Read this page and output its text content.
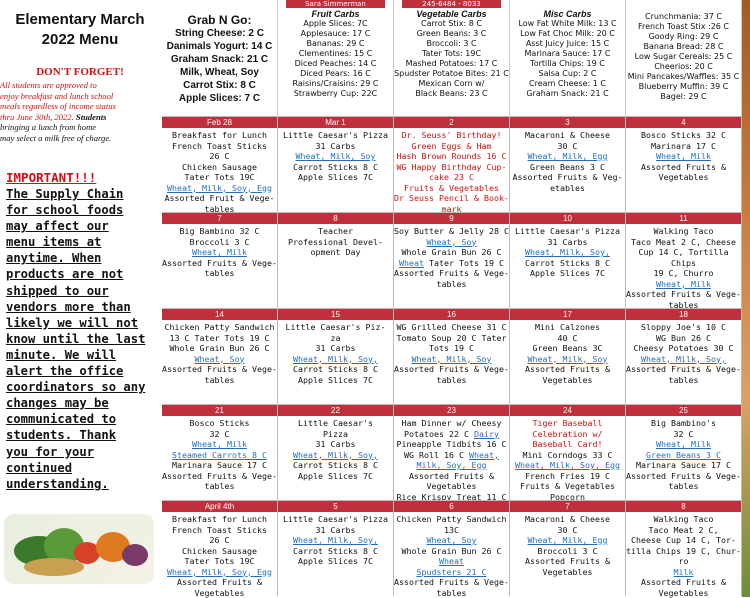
Elementary March
2022 Menu
DON'T FORGET!
All students are approved to
enjoy breakfast and lunch school
meals regardless of income status
thru June 30th, 2022. Students
bringing a lunch from home
may select a milk free of charge.
IMPORTANT!!!
The Supply Chain
for school foods
may affect our
menu items at
anytime. When
products are not
shipped to our
vendors more than
likely we will not
know until the last
minute. We will
alert the office
coordinators so any
changes may be
communicated to
students. Thank
you for your
continued
understanding.
Grab N Go:
String Cheese: 2 C
Danimals Yogurt: 14 C
Graham Snack: 21 C
Milk, Wheat, Soy
Carrot Stix: 8 C
Apple Slices: 7 C
Sara Simmerman
Fruit Carbs
Apple Slices: 7C
Applesauce: 17 C
Bananas: 29 C
Clementines: 15 C
Diced Peaches: 14 C
Diced Pears: 16 C
Raisins/Craisins: 29 C
Strawberry Cup: 22C
245-6484 - 8033
Vegetable Carbs
Carrot Stix: 8 C
Green Beans: 3 C
Broccoli: 3 C
Tater Tots: 19C
Mashed Potatoes: 17 C
Spudster Potatoe Bites: 21 C
Mexican Corn w/
Black Beans: 23 C
Misc Carbs
Low Fat White Milk: 13 C
Low Fat Choc Milk: 20 C
Asst Juicy Juice: 15 C
Marinara Sauce: 17 C
Tortilla Chips: 19 C
Salsa Cup: 2 C
Cream Cheese: 1 C
Graham Snack: 21 C
Crunchmania: 37 C
French Toast Stix :26 C
Goody Ring: 29 C
Banana Bread: 28 C
Low Sugar Cereals: 25 C
Cheerios: 20 C
Mini Pancakes/Waffles: 35 C
Blueberry Muffin: 39 C
Bagel: 29 C
Feb 28
Breakfast for Lunch
French Toast Sticks
26 C
Chicken Sausage
Tater Tots 19C
Wheat, Milk, Soy, Egg
Assorted Fruit & Vege-
tables
Mar 1
Little Caesar's Pizza
31 Carbs
Wheat, Milk, Soy
Carrot Sticks 8 C
Apple Slices 7C
2
Dr. Seuss' Birthday!
Green Eggs & Ham
Hash Brown Rounds 16 C
WG Happy Birthday Cup-
cake 23 C
Fruits & Vegetables
Dr Seuss Pencil & Book-
mark
3
Macaroni & Cheese
30 C
Wheat, Milk, Egg
Green Beans 3 C
Assorted Fruits & Veg-
etables
4
Bosco Sticks 32 C
Marinara 17 C
Wheat, Milk
Assorted Fruits &
Vegetables
7
Big Bambino 32 C
Broccoli 3 C
Wheat, Milk
Assorted Fruits & Vege-
tables
8
Teacher
Professional Devel-
opment Day
9
Soy Butter & Jelly 28 C
Wheat, Soy
Whole Grain Bun 26 C
Wheat Tater Tots 19 C
Assorted Fruits & Vege-
tables
10
Little Caesar's Pizza
31 Carbs
Wheat, Milk, Soy,
Carrot Sticks 8 C
Apple Slices 7C
11
Walking Taco
Taco Meat 2 C, Cheese
Cup 14 C, Tortilla Chips
19 C, Churro
Wheat, Milk
Assorted Fruits & Vege-
tables
14
Chicken Patty Sandwich
13 C Tater Tots 19 C
Whole Grain Bun 26 C
Wheat, Soy
Assorted Fruits & Vege-
tables
15
Little Caesar's Piz-
za
31 Carbs
Wheat, Milk, Soy,
Carrot Sticks 8 C
Apple Slices 7C
16
WG Grilled Cheese 31 C
Tomato Soup 20 C Tater
Tots 19 C
Wheat, Milk, Soy
Assorted Fruits & Vege-
tables
17
Mini Calzones
40 C
Green Beans 3C
Wheat, Milk, Soy
Assorted Fruits &
Vegetables
18
Sloppy Joe's 10 C
WG Bun 26 C
Cheesy Potatoes 30 C
Wheat, Milk, Soy,
Assorted Fruits & Vege-
tables
21
Bosco Sticks
32 C
Wheat, Milk
Steamed Carrots 8 C
Marinara Sauce 17 C
Assorted Fruits & Vege-
tables
22
Little Caesar's
Pizza
31 Carbs
Wheat, Milk, Soy,
Carrot Sticks 8 C
Apple Slices 7C
23
Ham Dinner w/ Cheesy
Potatoes 22 C Dairy
Pineapple Tidbits 16 C
WG Roll 16 C Wheat,
Milk, Soy, Egg
Assorted Fruits &
Vegetables
Rice Krispy Treat 11 C
24
Tiger Baseball
Celebration w/
Baseball Card!
Mini Corndogs 33 C
Wheat, Milk, Soy, Egg
French Fries 19 C
Fruits & Vegetables
Popcorn
25
Big Bambino's
32 C
Wheat, Milk
Green Beans 3 C
Marinara Sauce 17 C
Assorted Fruits & Vege-
tables
April 4th
Breakfast for Lunch
French Toast Sticks
26 C
Chicken Sausage
Tater Tots 19C
Wheat, Milk, Soy, Egg
Assorted Fruits &
Vegetables
5
Little Caesar's Pizza
31 Carbs
Wheat, Milk, Soy,
Carrot Sticks 8 C
Apple Slices 7C
6
Chicken Patty Sandwich
13C
Wheat, Soy
Whole Grain Bun 26 C
Wheat
Spudsters 21 C
Assorted Fruits & Vege-
tables
7
Macaroni & Cheese
30 C
Wheat, Milk, Egg
Broccoli 3 C
Assorted Fruits &
Vegetables
8
Walking Taco
Taco Meat 2 C,
Cheese Cup 14 C, Tor-
tilla Chips 19 C, Chur-
ro
Milk
Assorted Fruits &
Vegetables
